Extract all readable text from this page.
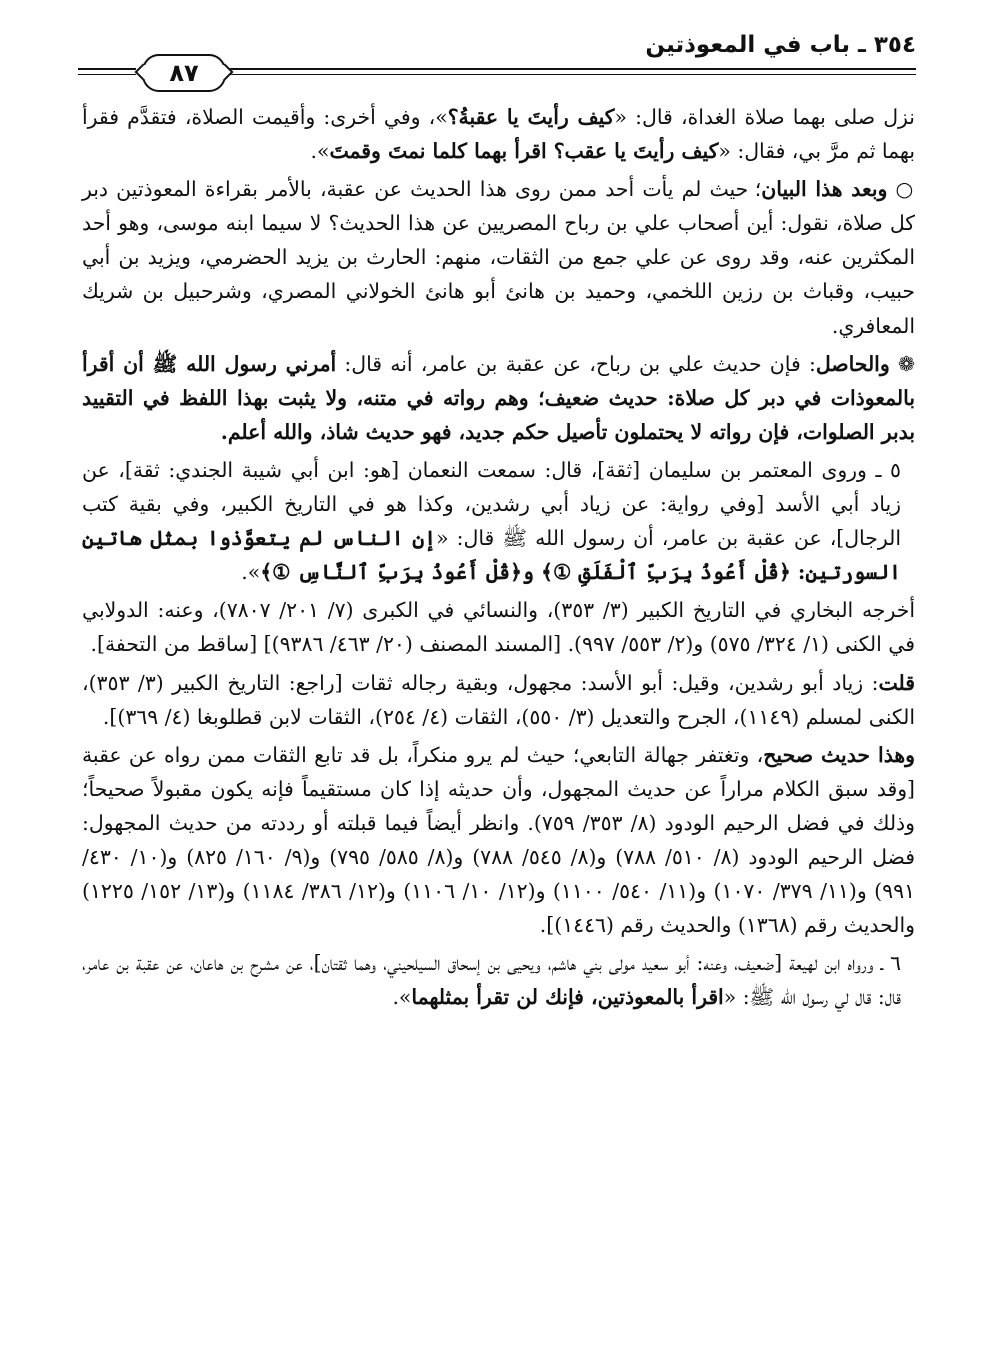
٣٥٤ ـ باب في المعوذتين
٨٧

نزل صلى بهما صلاة الغداة، قال: «كيف رأيتَ يا عقبةُ؟»، وفي أخرى: وأقيمت الصلاة، فتقدَّم فقرأ بهما ثم مرَّ بي، فقال: «كيف رأيتَ يا عقب؟ اقرأ بهما كلما نمتَ وقمتَ».

○ وبعد هذا البيان؛ حيث لم يأت أحد ممن روى هذا الحديث عن عقبة، بالأمر بقراءة المعوذتين دبر كل صلاة، نقول: أين أصحاب علي بن رباح المصريين عن هذا الحديث؟ لا سيما ابنه موسى، وهو أحد المكثرين عنه، وقد روى عن علي جمع من الثقات، منهم: الحارث بن يزيد الحضرمي، ويزيد بن أبي حبيب، وقباث بن رزين اللخمي، وحميد بن هانئ أبو هانئ الخولاني المصري، وشرحبيل بن شريك المعافري.

❁ والحاصل: فإن حديث علي بن رباح، عن عقبة بن عامر، أنه قال: أمرني رسول الله ﷺ أن أقرأ بالمعوذات في دبر كل صلاة: حديث ضعيف؛ وهم رواته في متنه، ولا يثبت بهذا اللفظ في التقييد بدبر الصلوات، فإن رواته لا يحتملون تأصيل حكم جديد، فهو حديث شاذ، والله أعلم.

٥ ـ وروى المعتمر بن سليمان [ثقة]، قال: سمعت النعمان [هو: ابن أبي شيبة الجندي: ثقة]، عن زياد أبي الأسد [وفي رواية: عن زياد أبي رشدين، وكذا هو في التاريخ الكبير، وفي بقية كتب الرجال]، عن عقبة بن عامر، أن رسول الله ﷺ قال: «إن الناس لم يتعوَّذوا بمثل هاتين السورتين: ﴿قُلْ أَعُوذُ بِرَبِّ ٱلْفَلَقِ ①﴾ و﴿قُلْ أَعُوذُ بِرَبِّ ٱلنَّاسِ ①﴾».

أخرجه البخاري في التاريخ الكبير (٣/ ٣٥٣)، والنسائي في الكبرى (٧/ ٢٠١/ ٧٨٠٧)، وعنه: الدولابي في الكنى (١/ ٣٢٤/ ٥٧٥) و(٢/ ٥٥٣/ ٩٩٧). [المسند المصنف (٢٠/ ٤٦٣/ ٩٣٨٦)] [ساقط من التحفة].

قلت: زياد أبو رشدين، وقيل: أبو الأسد: مجهول، وبقية رجاله ثقات [راجع: التاريخ الكبير (٣/ ٣٥٣)، الكنى لمسلم (١١٤٩)، الجرح والتعديل (٣/ ٥٥٠)، الثقات (٤/ ٢٥٤)، الثقات لابن قطلوبغا (٤/ ٣٦٩)].

وهذا حديث صحيح، وتغتفر جهالة التابعي؛ حيث لم يرو منكراً، بل قد تابع الثقات ممن رواه عن عقبة [وقد سبق الكلام مراراً عن حديث المجهول، وأن حديثه إذا كان مستقيماً فإنه يكون مقبولاً صحيحاً؛ وذلك في فضل الرحيم الودود (٨/ ٣٥٣/ ٧٥٩). وانظر أيضاً فيما قبلته أو رددته من حديث المجهول: فضل الرحيم الودود (٨/ ٥١٠/ ٧٨٨) و(٨/ ٥٤٥/ ٧٨٨) و(٨/ ٥٨٥/ ٧٩٥) و(٩/ ١٦٠/ ٨٢٥) و(١٠/ ٤٣٠/ ٩٩١) و(١١/ ٣٧٩/ ١٠٧٠) و(١١/ ٥٤٠/ ١١٠٠) و(١٢/ ١٠/ ١١٠٦) و(١٢/ ٣٨٦/ ١١٨٤) و(١٣/ ١٥٢/ ١٢٢٥) والحديث رقم (١٣٦٨) والحديث رقم (١٤٤٦)].

٦ ـ ورواه ابن لهيعة [ضعيف، وعنه: أبو سعيد مولى بني هاشم، ويحيى بن إسحاق السيلحيني، وهما ثقتان]، عن مشرح بن هاعان، عن عقبة بن عامر، قال: قال لي رسول الله ﷺ: «اقرأ بالمعوذتين، فإنك لن تقرأ بمثلهما».
